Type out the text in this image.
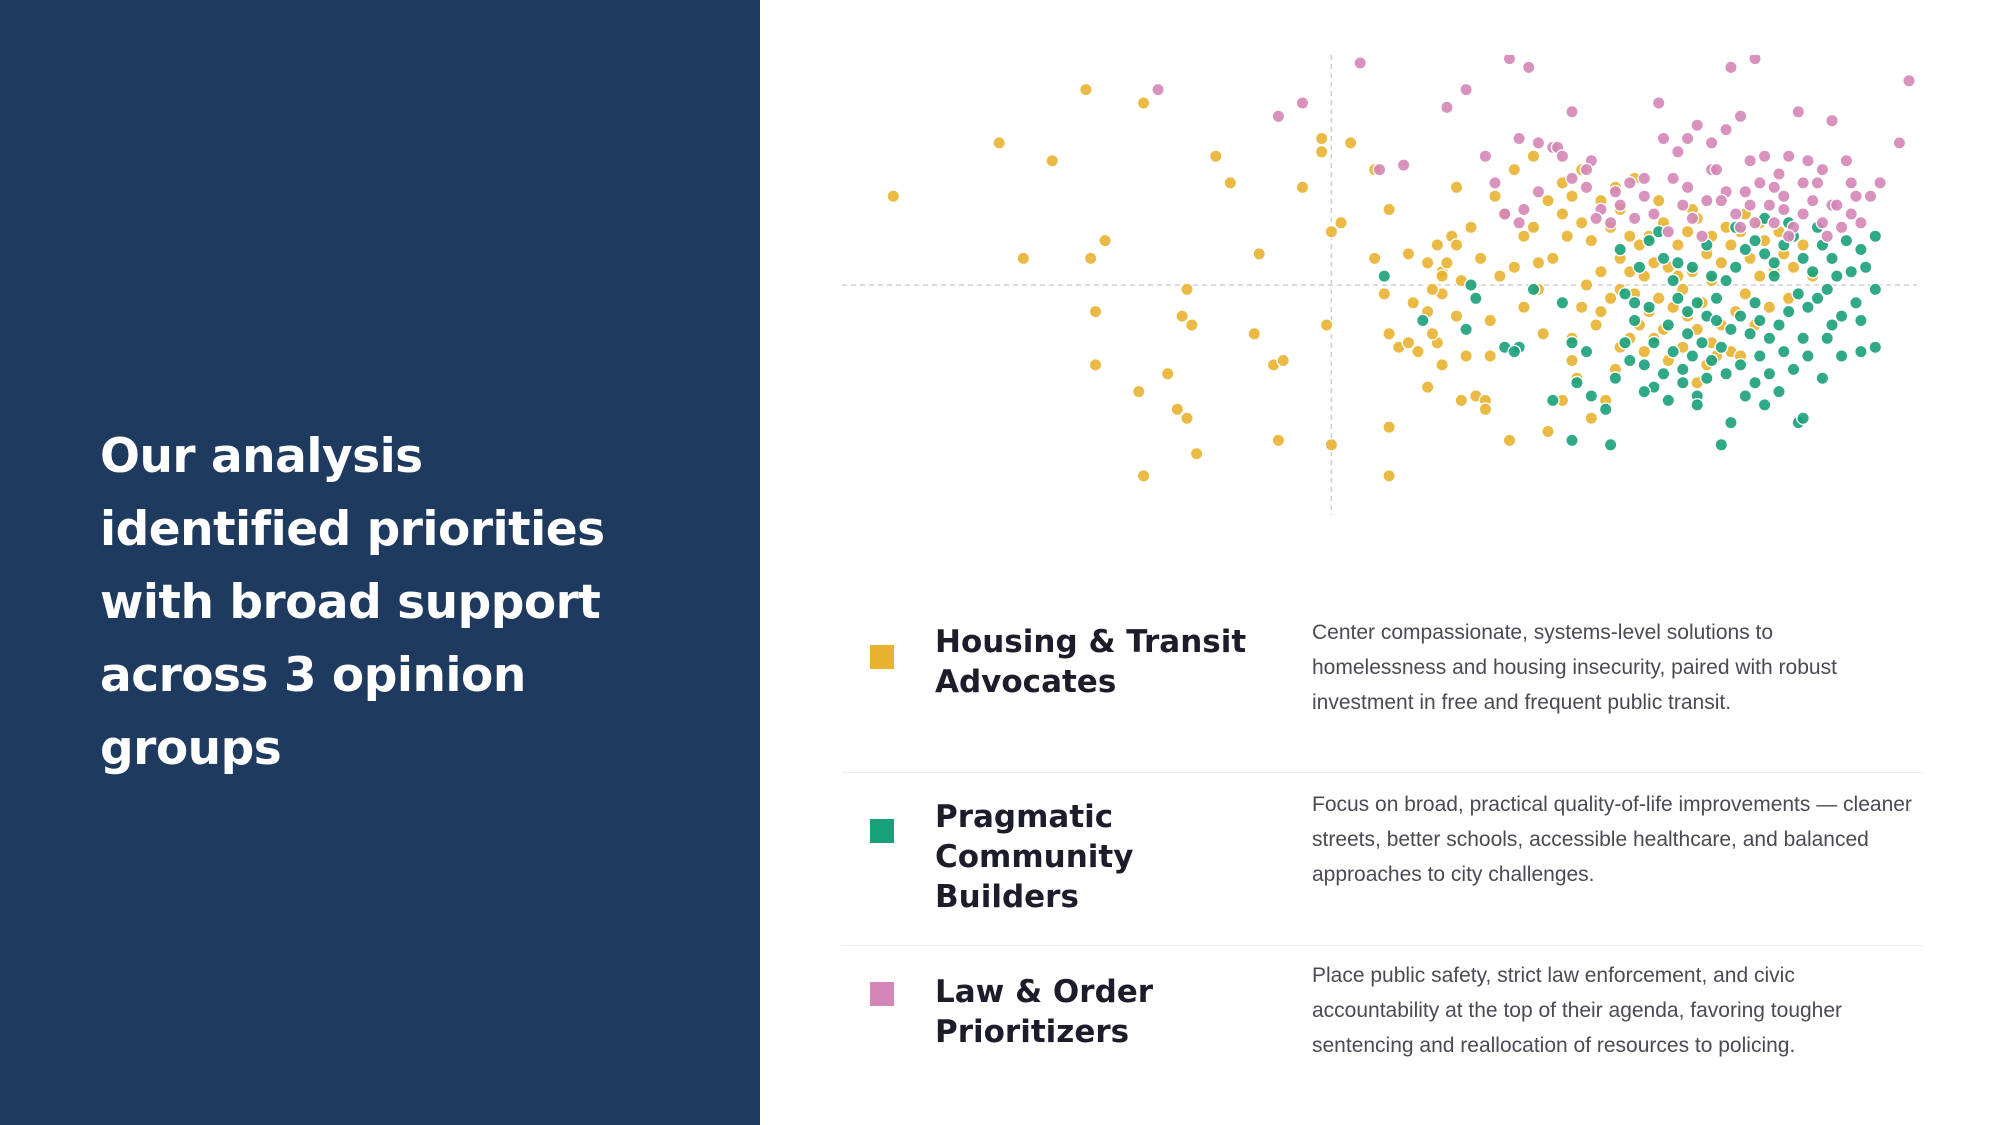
Our analysis identified priorities with broad support across 3 opinion groups
Housing & Transit Advocates
Center compassionate, systems-level solutions to homelessness and housing insecurity, paired with robust investment in free and frequent public transit.
Pragmatic Community Builders
Focus on broad, practical quality-of-life improvements — cleaner streets, better schools, accessible healthcare, and balanced approaches to city challenges.
Law & Order Prioritizers
Place public safety, strict law enforcement, and civic accountability at the top of their agenda, favoring tougher sentencing and reallocation of resources to policing.
